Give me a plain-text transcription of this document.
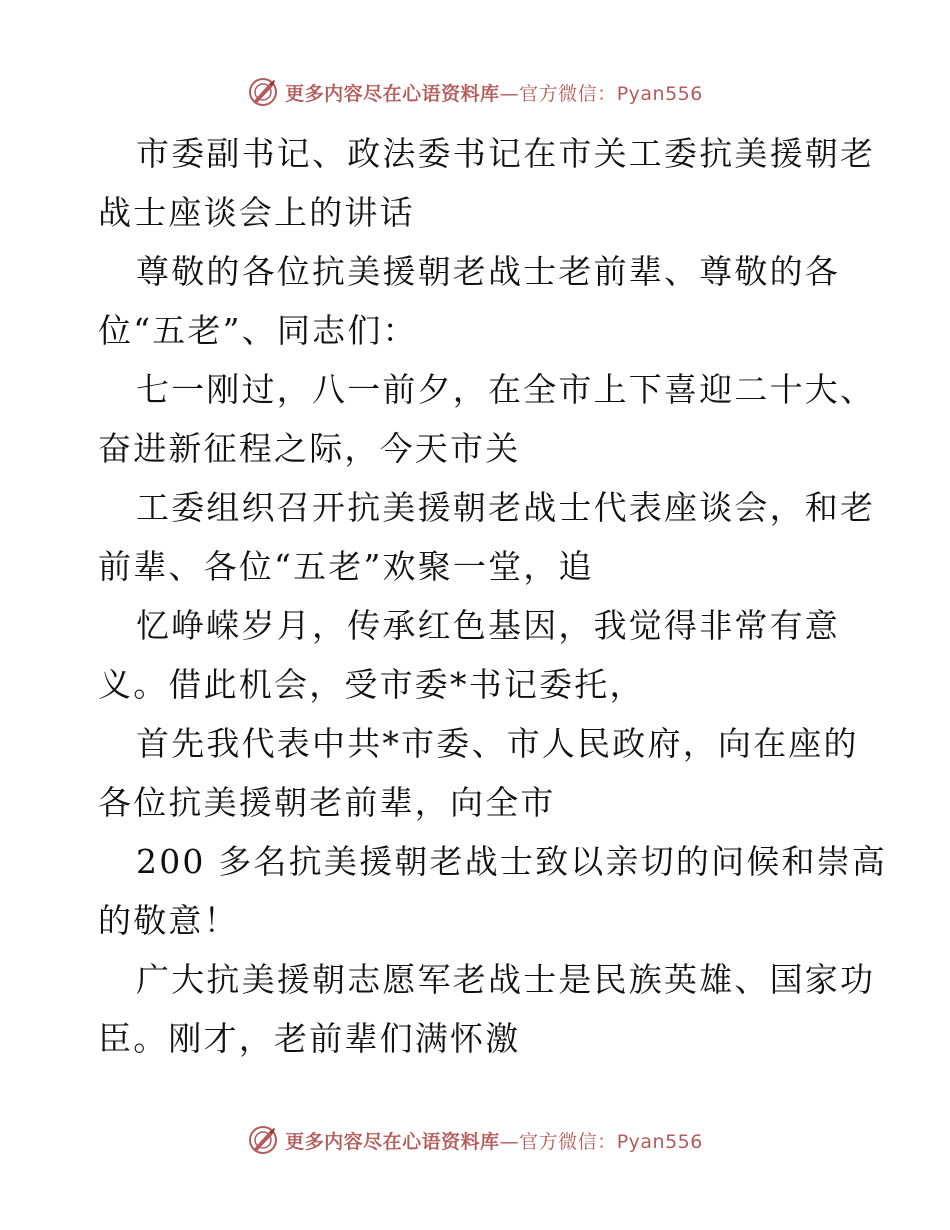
更多内容尽在心语资料库—官方微信：Pyan556
市委副书记、政法委书记在市关工委抗美援朝老
战士座谈会上的讲话
尊敬的各位抗美援朝老战士老前辈、尊敬的各
位“五老”、同志们：
七一刚过，八一前夕，在全市上下喜迎二十大、
奋进新征程之际，今天市关
工委组织召开抗美援朝老战士代表座谈会，和老
前辈、各位“五老”欢聚一堂，追
忆峥嵘岁月，传承红色基因，我觉得非常有意
义。借此机会，受市委*书记委托，
首先我代表中共*市委、市人民政府，向在座的
各位抗美援朝老前辈，向全市
200 多名抗美援朝老战士致以亲切的问候和崇高
的敬意！
广大抗美援朝志愿军老战士是民族英雄、国家功
臣。刚才，老前辈们满怀激
更多内容尽在心语资料库—官方微信：Pyan556
